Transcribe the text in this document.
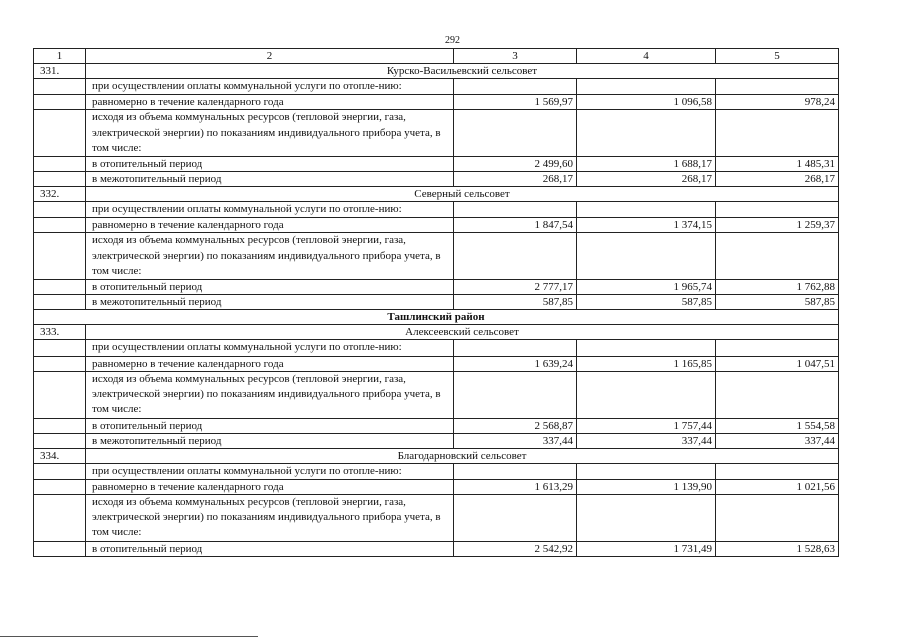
292
1	2	3	4	5
331.	Курско-Васильевский сельсовет			
	при осуществлении оплаты коммунальной услуги по отопле-нию:			
	равномерно в течение календарного года	1 569,97	1 096,58	978,24
	исходя из объема коммунальных ресурсов (тепловой энергии, газа, электрической энергии) по показаниям индивидуального прибора учета, в том числе:			
	в отопительный период	2 499,60	1 688,17	1 485,31
	в межотопительный период	268,17	268,17	268,17
332.	Северный сельсовет			
	при осуществлении оплаты коммунальной услуги по отопле-нию:			
	равномерно в течение календарного года	1 847,54	1 374,15	1 259,37
	исходя из объема коммунальных ресурсов (тепловой энергии, газа, электрической энергии) по показаниям индивидуального прибора учета, в том числе:			
	в отопительный период	2 777,17	1 965,74	1 762,88
	в межотопительный период	587,85	587,85	587,85
Ташлинский район				
333.	Алексеевский сельсовет			
	при осуществлении оплаты коммунальной услуги по отопле-нию:			
	равномерно в течение календарного года	1 639,24	1 165,85	1 047,51
	исходя из объема коммунальных ресурсов (тепловой энергии, газа, электрической энергии) по показаниям индивидуального прибора учета, в том числе:			
	в отопительный период	2 568,87	1 757,44	1 554,58
	в межотопительный период	337,44	337,44	337,44
334.	Благодарновский сельсовет			
	при осуществлении оплаты коммунальной услуги по отопле-нию:			
	равномерно в течение календарного года	1 613,29	1 139,90	1 021,56
	исходя из объема коммунальных ресурсов (тепловой энергии, газа, электрической энергии) по показаниям индивидуального прибора учета, в том числе:			
	в отопительный период	2 542,92	1 731,49	1 528,63
